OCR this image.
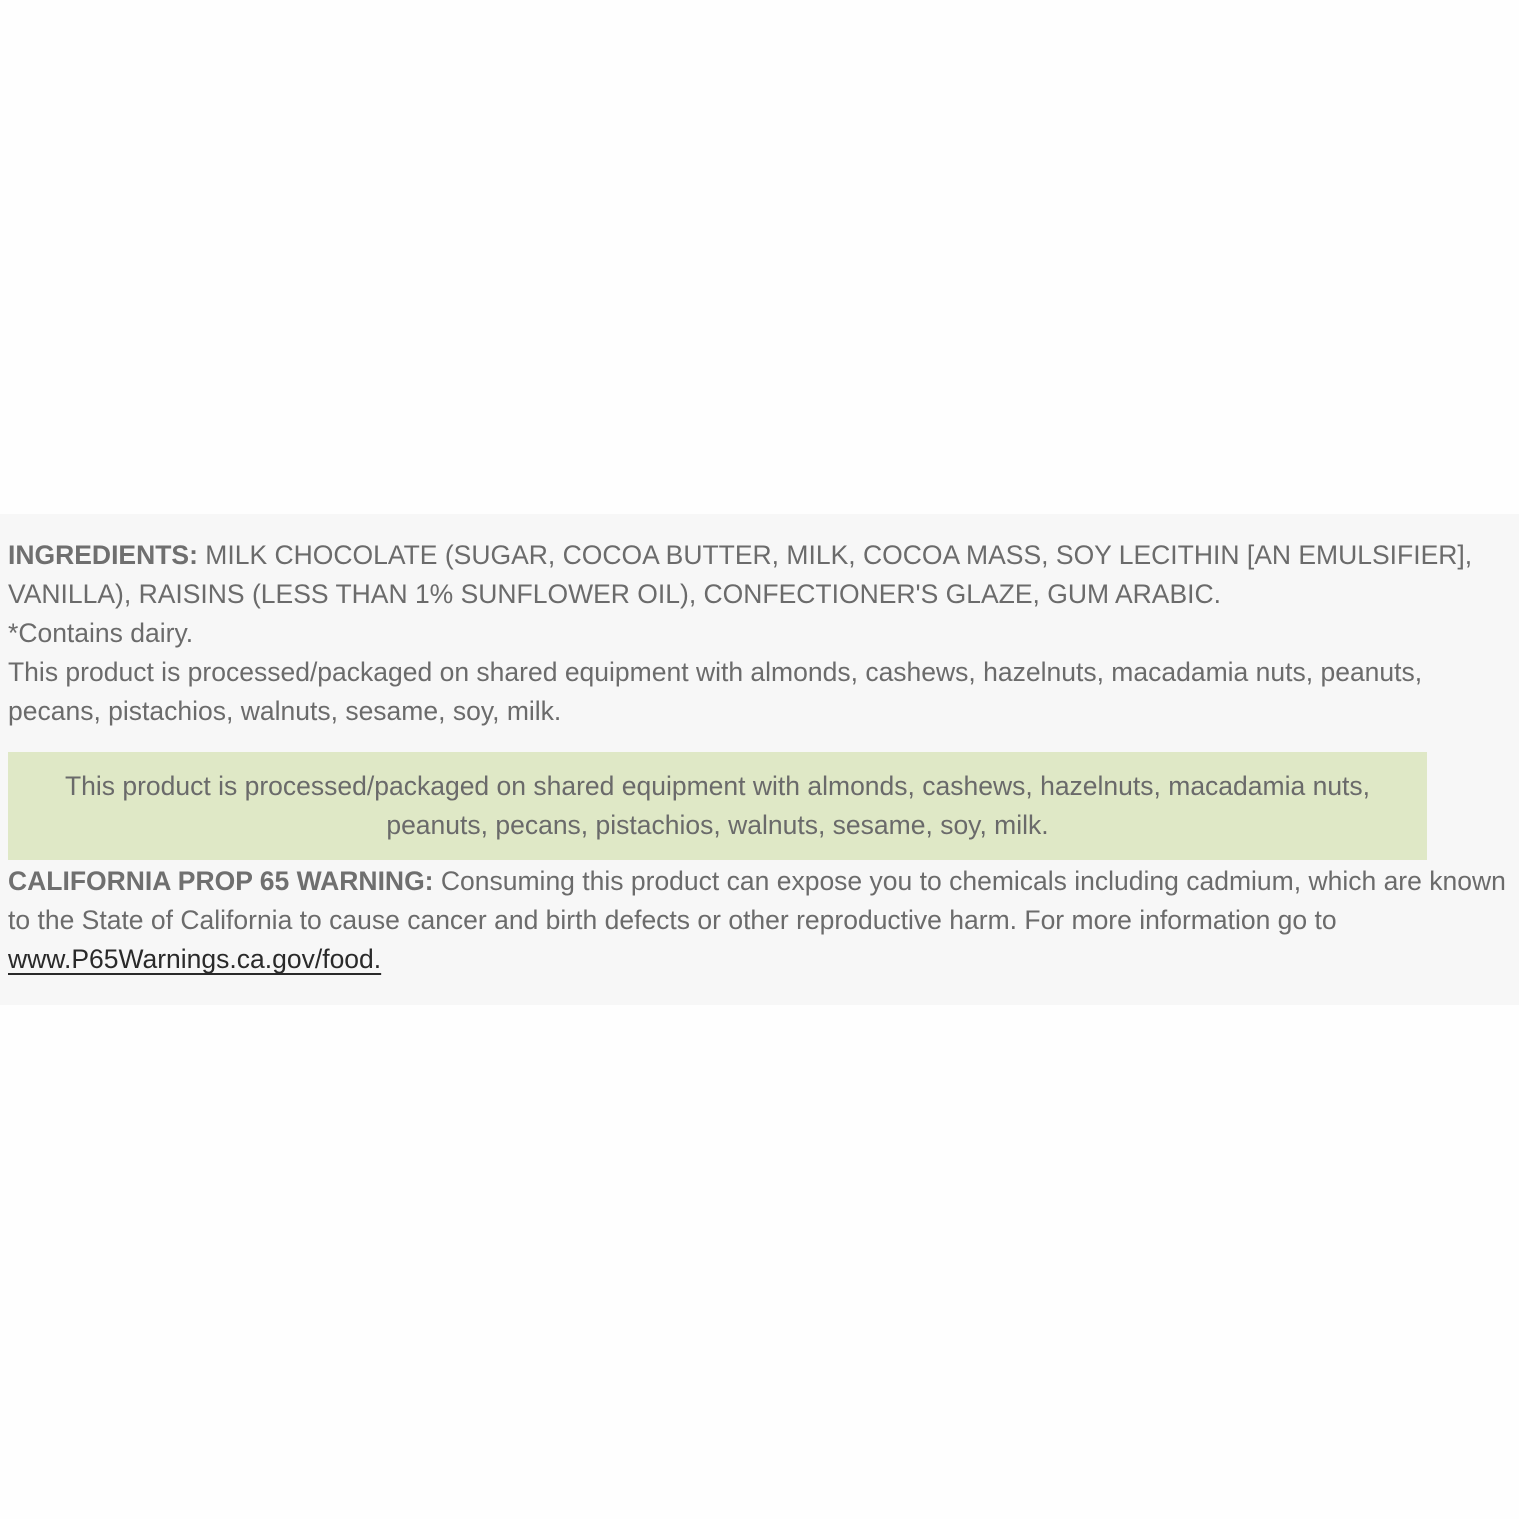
INGREDIENTS: MILK CHOCOLATE (SUGAR, COCOA BUTTER, MILK, COCOA MASS, SOY LECITHIN [AN EMULSIFIER], VANILLA), RAISINS (LESS THAN 1% SUNFLOWER OIL), CONFECTIONER'S GLAZE, GUM ARABIC.

*Contains dairy.

This product is processed/packaged on shared equipment with almonds, cashews, hazelnuts, macadamia nuts, peanuts, pecans, pistachios, walnuts, sesame, soy, milk.

This product is processed/packaged on shared equipment with almonds, cashews, hazelnuts, macadamia nuts, peanuts, pecans, pistachios, walnuts, sesame, soy, milk.

CALIFORNIA PROP 65 WARNING: Consuming this product can expose you to chemicals including cadmium, which are known to the State of California to cause cancer and birth defects or other reproductive harm. For more information go to www.P65Warnings.ca.gov/food.
